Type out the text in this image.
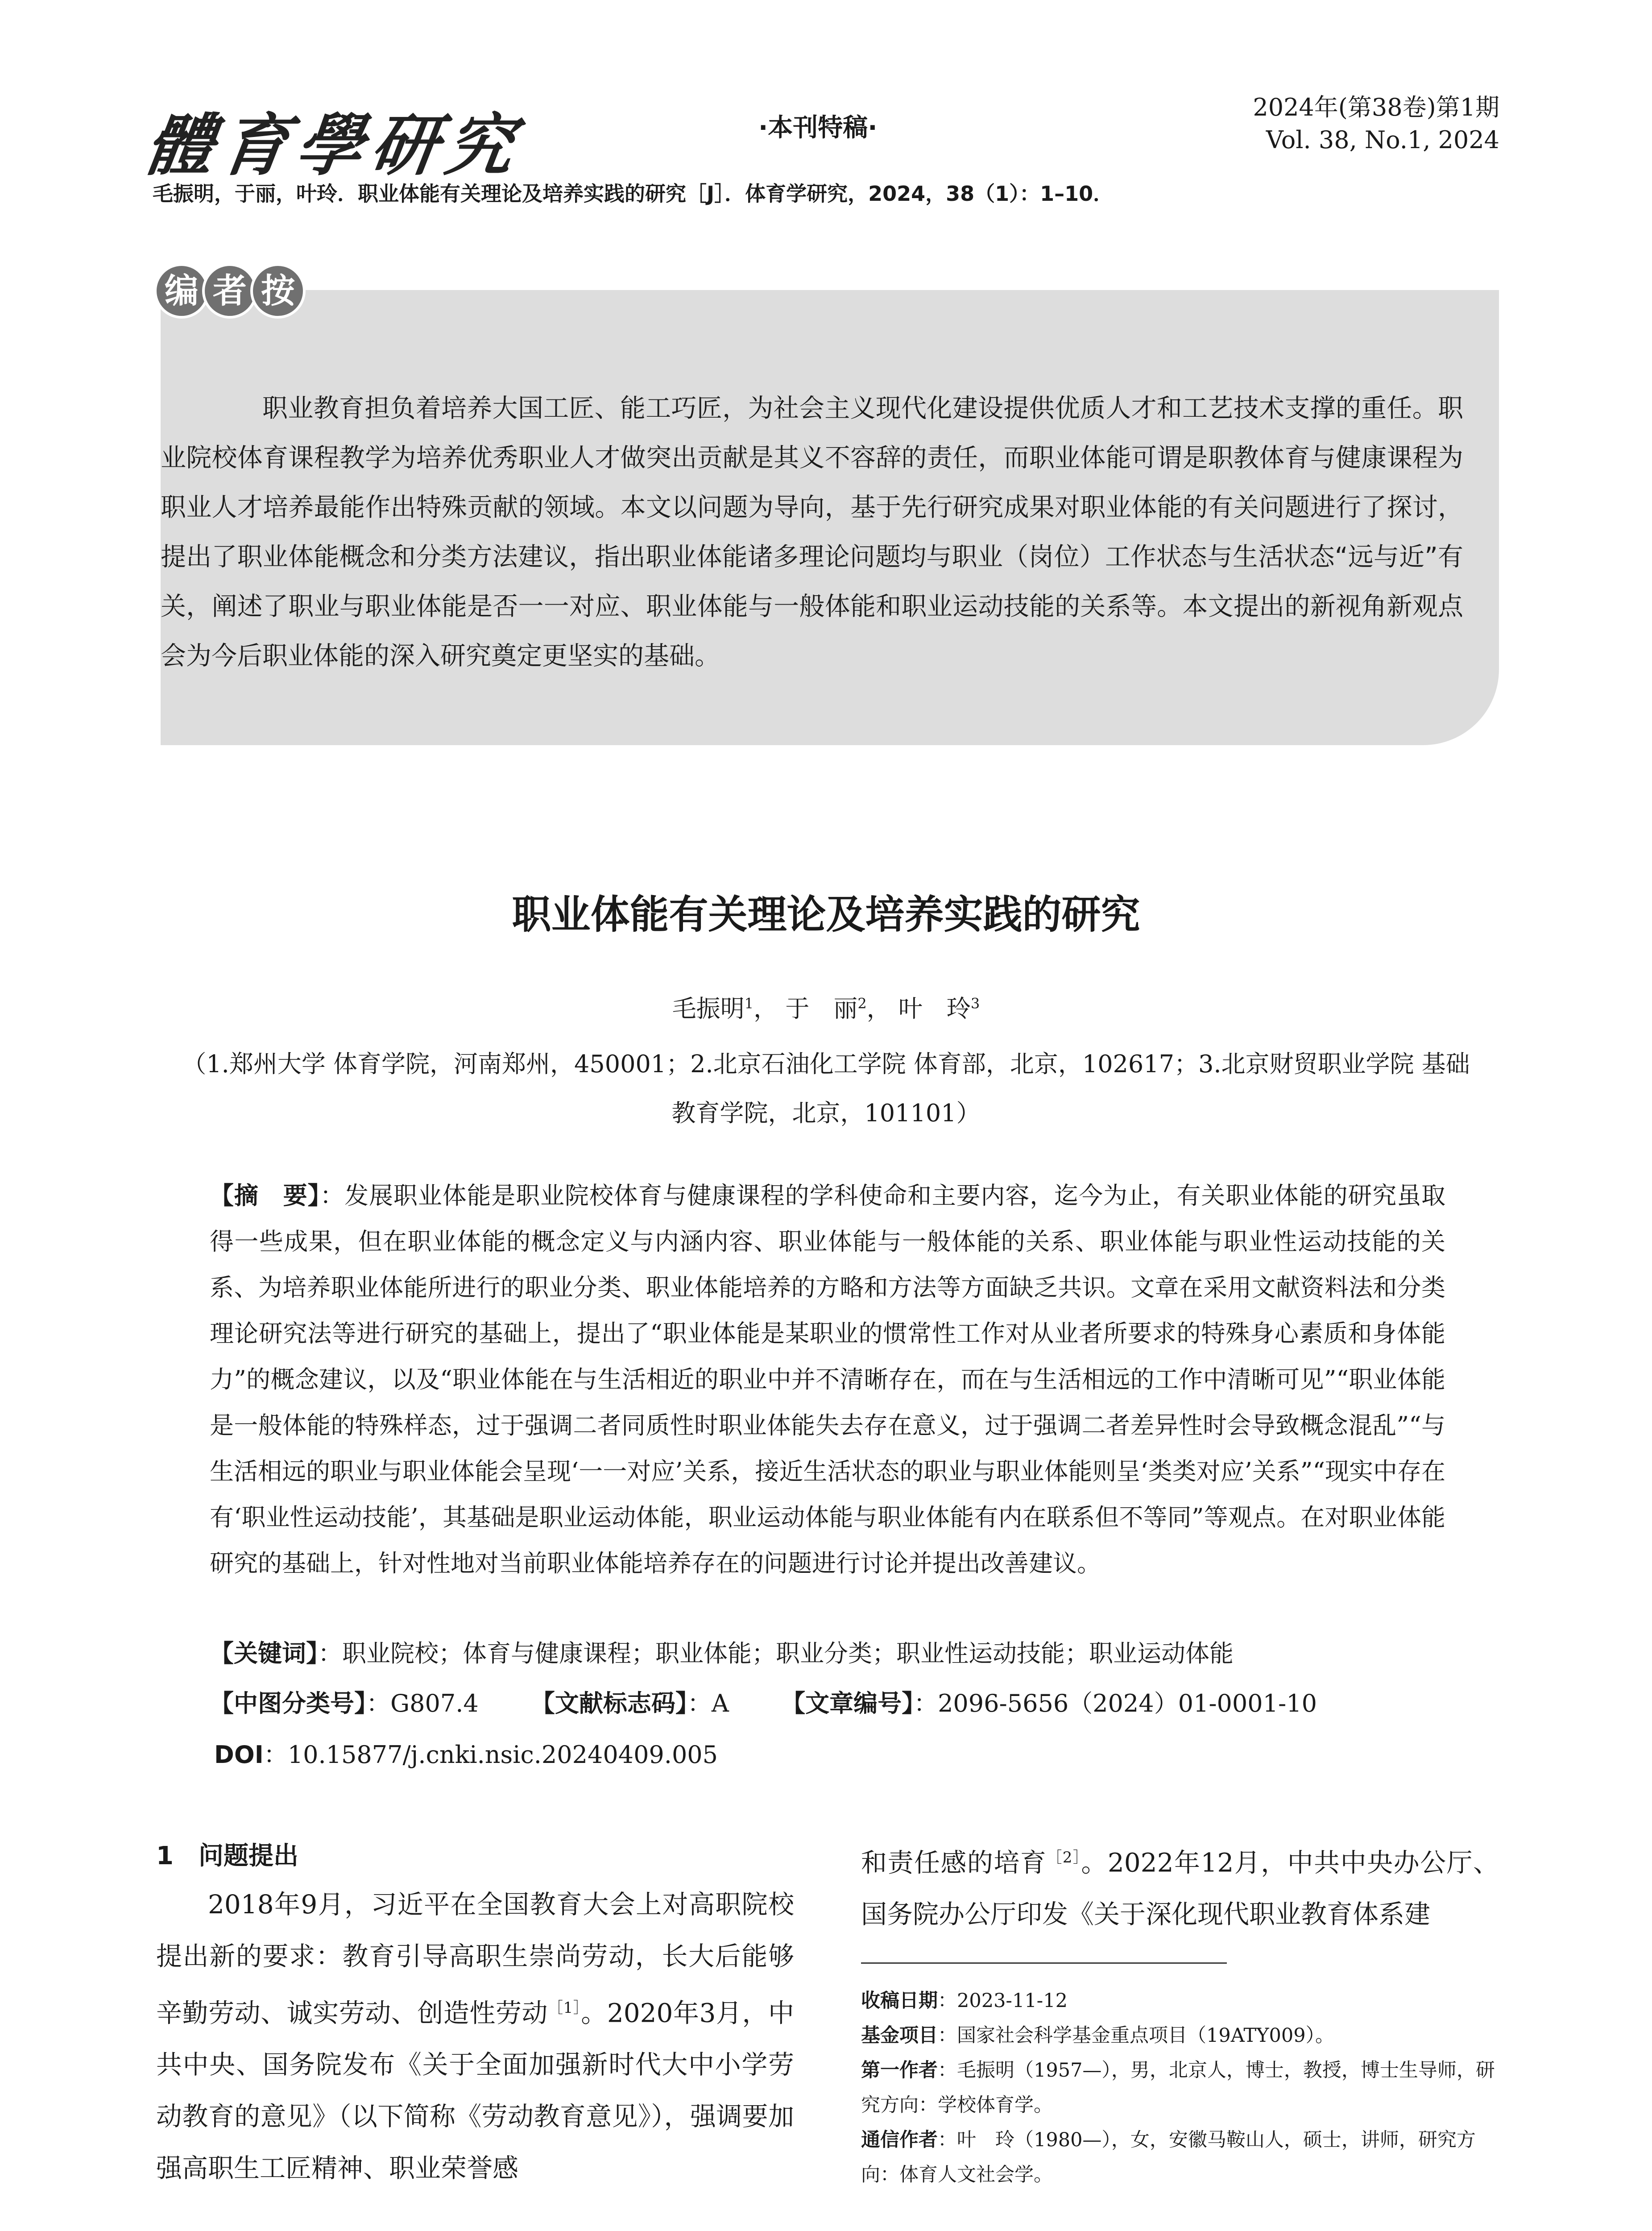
體育學研究	·本刊特稿·
2024年(第38卷)第1期
Vol. 38, No.1, 2024
毛振明，于丽，叶玲．职业体能有关理论及培养实践的研究［J］．体育学研究，2024，38（1）：1–10．
编 者 按
职业教育担负着培养大国工匠、能工巧匠，为社会主义现代化建设提供优质人才和工艺技术支撑的重任。职业院校体育课程教学为培养优秀职业人才做突出贡献是其义不容辞的责任，而职业体能可谓是职教体育与健康课程为职业人才培养最能作出特殊贡献的领域。本文以问题为导向，基于先行研究成果对职业体能的有关问题进行了探讨，提出了职业体能概念和分类方法建议，指出职业体能诸多理论问题均与职业（岗位）工作状态与生活状态“远与近”有关，阐述了职业与职业体能是否一一对应、职业体能与一般体能和职业运动技能的关系等。本文提出的新视角新观点会为今后职业体能的深入研究奠定更坚实的基础。
职业体能有关理论及培养实践的研究
毛振明$^1$， 于　丽$^2$， 叶　玲$^3$
（1.郑州大学 体育学院，河南郑州，450001；2.北京石油化工学院 体育部，北京，102617；3.北京财贸职业学院 基础教育学院，北京，101101）
【摘　要】：发展职业体能是职业院校体育与健康课程的学科使命和主要内容，迄今为止，有关职业体能的研究虽取得一些成果，但在职业体能的概念定义与内涵内容、职业体能与一般体能的关系、职业体能与职业性运动技能的关系、为培养职业体能所进行的职业分类、职业体能培养的方略和方法等方面缺乏共识。文章在采用文献资料法和分类理论研究法等进行研究的基础上，提出了“职业体能是某职业的惯常性工作对从业者所要求的特殊身心素质和身体能力”的概念建议，以及“职业体能在与生活相近的职业中并不清晰存在，而在与生活相远的工作中清晰可见”“职业体能是一般体能的特殊样态，过于强调二者同质性时职业体能失去存在意义，过于强调二者差异性时会导致概念混乱”“与生活相远的职业与职业体能会呈现‘一一对应’关系，接近生活状态的职业与职业体能则呈‘类类对应’关系”“现实中存在有‘职业性运动技能’，其基础是职业运动体能，职业运动体能与职业体能有内在联系但不等同”等观点。在对职业体能研究的基础上，针对性地对当前职业体能培养存在的问题进行讨论并提出改善建议。
【关键词】：职业院校；体育与健康课程；职业体能；职业分类；职业性运动技能；职业运动体能
【中图分类号】：G807.4 【文献标志码】：A 【文章编号】：2096-5656（2024）01-0001-10
DOI：10.15877/j.cnki.nsic.20240409.005
1　问题提出

2018年9月，习近平在全国教育大会上对高职院校提出新的要求：教育引导高职生崇尚劳动，长大后能够辛勤劳动、诚实劳动、创造性劳动$^{[1]}$。2020年3月，中共中央、国务院发布《关于全面加强新时代大中小学劳动教育的意见》（以下简称《劳动教育意见》），强调要加强高职生工匠精神、职业荣誉感

和责任感的培育$^{[2]}$。2022年12月，中共中央办公厅、国务院办公厅印发《关于深化现代职业教育体系建
收稿日期：2023-11-12
基金项目：国家社会科学基金重点项目（19ATY009）。
第一作者：毛振明（1957—），男，北京人，博士，教授，博士生导师，研究方向：学校体育学。
通信作者：叶　玲（1980—），女，安徽马鞍山人，硕士，讲师，研究方向：体育人文社会学。
